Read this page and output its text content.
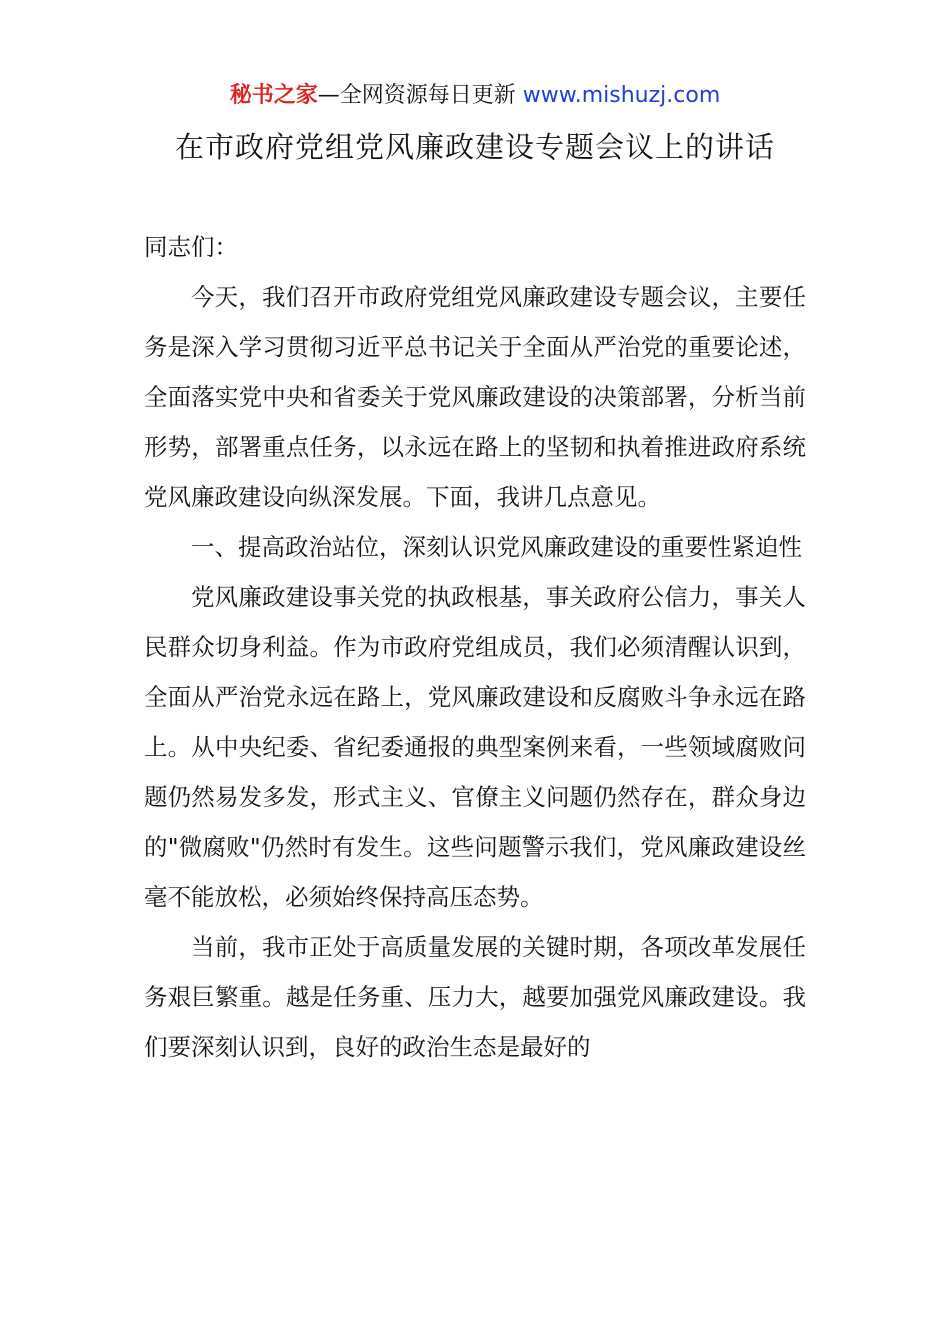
秘书之家—全网资源每日更新 www.mishuzj.com
在市政府党组党风廉政建设专题会议上的讲话

同志们：

今天，我们召开市政府党组党风廉政建设专题会议，主要任务是深入学习贯彻习近平总书记关于全面从严治党的重要论述，全面落实党中央和省委关于党风廉政建设的决策部署，分析当前形势，部署重点任务，以永远在路上的坚韧和执着推进政府系统党风廉政建设向纵深发展。下面，我讲几点意见。

一、提高政治站位，深刻认识党风廉政建设的重要性紧迫性

党风廉政建设事关党的执政根基，事关政府公信力，事关人民群众切身利益。作为市政府党组成员，我们必须清醒认识到，全面从严治党永远在路上，党风廉政建设和反腐败斗争永远在路上。从中央纪委、省纪委通报的典型案例来看，一些领域腐败问题仍然易发多发，形式主义、官僚主义问题仍然存在，群众身边的"微腐败"仍然时有发生。这些问题警示我们，党风廉政建设丝毫不能放松，必须始终保持高压态势。

当前，我市正处于高质量发展的关键时期，各项改革发展任务艰巨繁重。越是任务重、压力大，越要加强党风廉政建设。我们要深刻认识到，良好的政治生态是最好的
